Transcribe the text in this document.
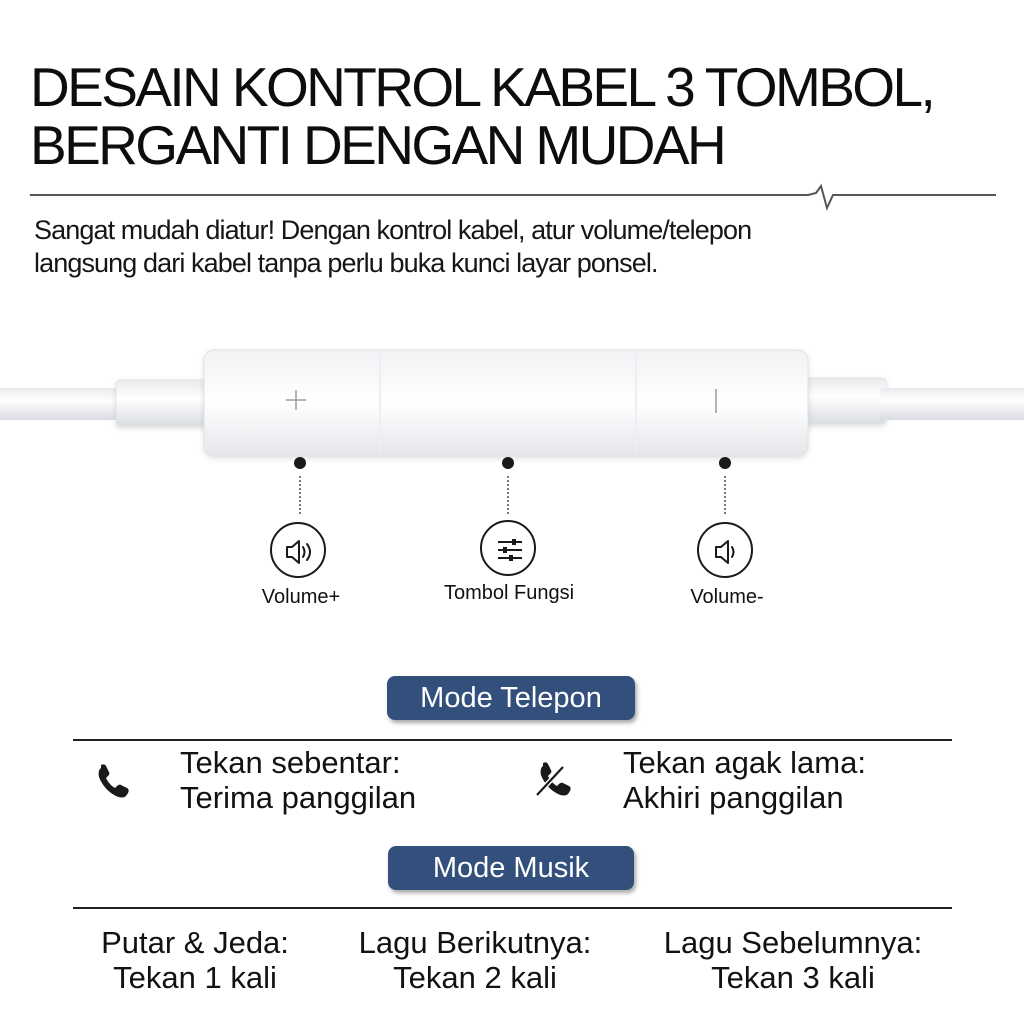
DESAIN KONTROL KABEL 3 TOMBOL,
BERGANTI DENGAN MUDAH
Sangat mudah diatur! Dengan kontrol kabel, atur volume/telepon
langsung dari kabel tanpa perlu buka kunci layar ponsel.
Volume+	Tombol Fungsi	Volume-
Mode Telepon
Tekan sebentar:
Terima panggilan
Tekan agak lama:
Akhiri panggilan
Mode Musik
Putar & Jeda:
Tekan 1 kali
Lagu Berikutnya:
Tekan 2 kali
Lagu Sebelumnya:
Tekan 3 kali
